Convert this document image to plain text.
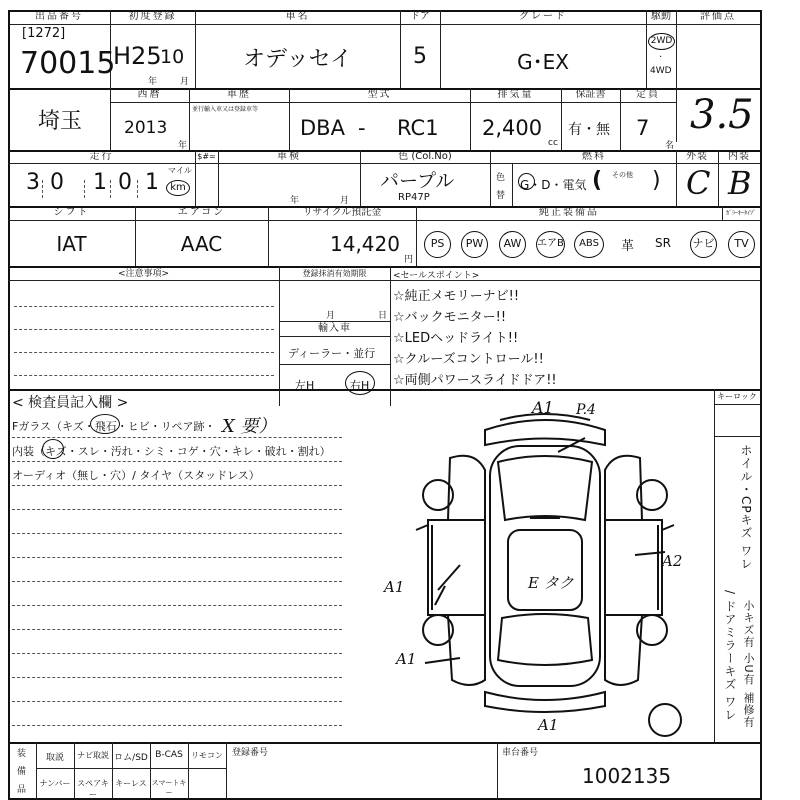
出品番号
[1272]
70015
初度登録
H25
10
年	月
車名
オデッセイ
ドア
5
グレード
G･EX
駆動
2WD
·
4WD
評価点
3.5
埼玉
西暦
2013
年
車歴
並行輸入車又は登録車等
型式
DBA - RC1
排気量
2,400
cc
保証書
有・無
定員
7
名
走行
3 0 1 0 1 マイル
km
$#=	車検
年	月
色 (Col.No)
パープル
RP47P
色
替
燃料
G・D・電気 ( その他 )
外装
C
内装
B
シフト
IAT
エアコン
AAC
リサイクル預託金
14,420
円
純正装備品	ｶﾞﾗｰｷｰﾀｲﾌﾟ
PS	PW	AW	エアB	ABS	革 SR ナビ	TV
<注意事項>	登録抹消有効期限
月	日
輸入車
ディーラー・並行
左H	右H
<セールスポイント>
☆純正メモリーナビ!!
☆バックモニター!!
☆LEDヘッドライト!!
☆クルーズコントロール!!
☆両側パワースライドドア!!
キーロック
< 検査員記入欄 >
Fガラス（キズ・飛石・ヒビ・リペア跡・ X 要）
内装（キズ・スレ・汚れ・シミ・コゲ・穴・キレ・破れ・割れ）
オーディオ（無し・穴）/ タイヤ（スタッドレス）
A1 P.4
A1	E タク
A2
A1
A1
ホイル・CPキズ ワレ
/ ドアミラーキズ ワレ 小キズ有 小U有
補修有
装
備
品
取説	ナビ取説 ロム/SD B-CAS	リモコン
ナンバー スペアキー
キーレス スマートキー
登録番号	車台番号
1002135
